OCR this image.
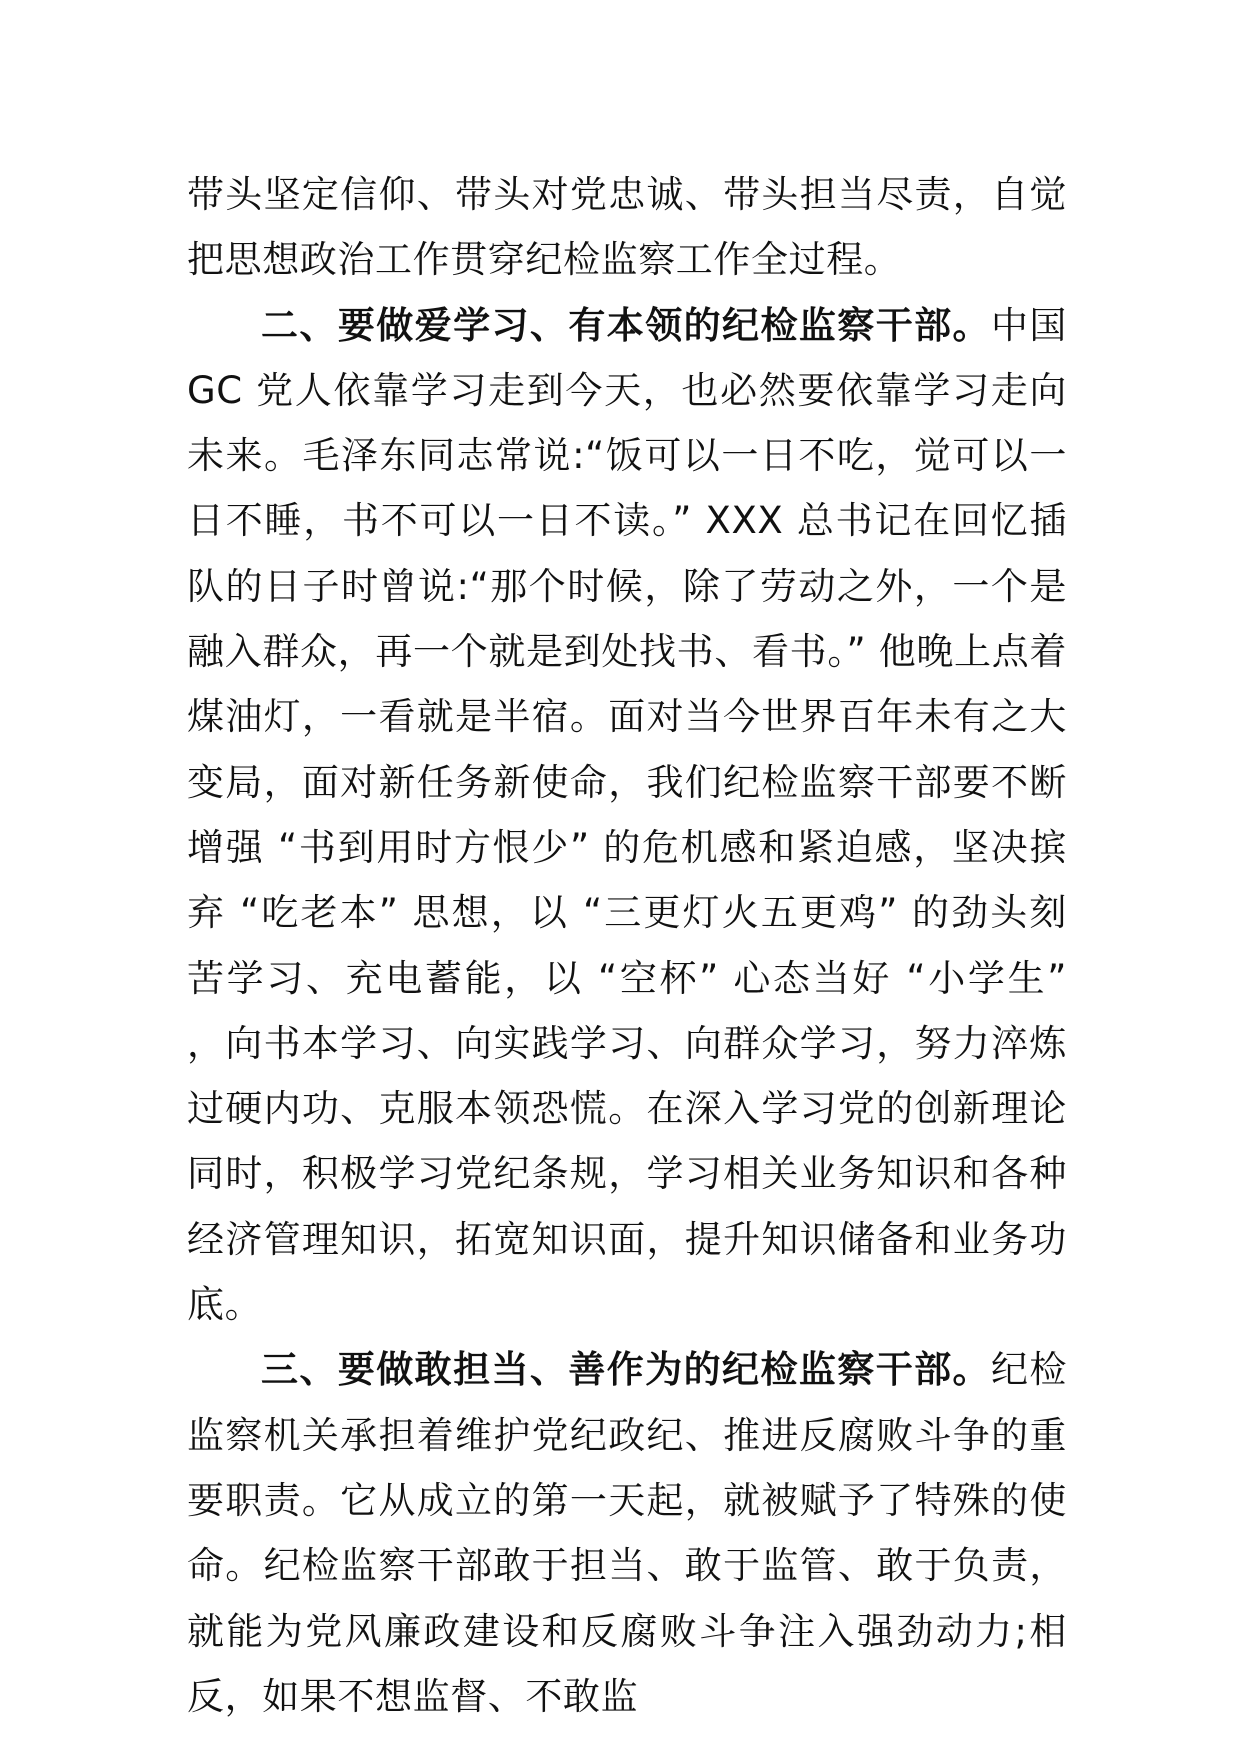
带头坚定信仰、带头对党忠诚、带头担当尽责，自觉把思想政治工作贯穿纪检监察工作全过程。

二、要做爱学习、有本领的纪检监察干部。中国 GC 党人依靠学习走到今天，也必然要依靠学习走向未来。毛泽东同志常说:“饭可以一日不吃，觉可以一日不睡，书不可以一日不读。” XXX 总书记在回忆插队的日子时曾说:“那个时候，除了劳动之外，一个是融入群众，再一个就是到处找书、看书。” 他晚上点着煤油灯，一看就是半宿。面对当今世界百年未有之大变局，面对新任务新使命，我们纪检监察干部要不断增强 “书到用时方恨少” 的危机感和紧迫感，坚决摈弃 “吃老本” 思想，以 “三更灯火五更鸡” 的劲头刻苦学习、充电蓄能，以 “空杯” 心态当好 “小学生” ，向书本学习、向实践学习、向群众学习，努力淬炼过硬内功、克服本领恐慌。在深入学习党的创新理论同时，积极学习党纪条规，学习相关业务知识和各种经济管理知识，拓宽知识面，提升知识储备和业务功底。

三、要做敢担当、善作为的纪检监察干部。纪检监察机关承担着维护党纪政纪、推进反腐败斗争的重要职责。它从成立的第一天起，就被赋予了特殊的使命。纪检监察干部敢于担当、敢于监管、敢于负责，就能为党风廉政建设和反腐败斗争注入强劲动力;相反，如果不想监督、不敢监
